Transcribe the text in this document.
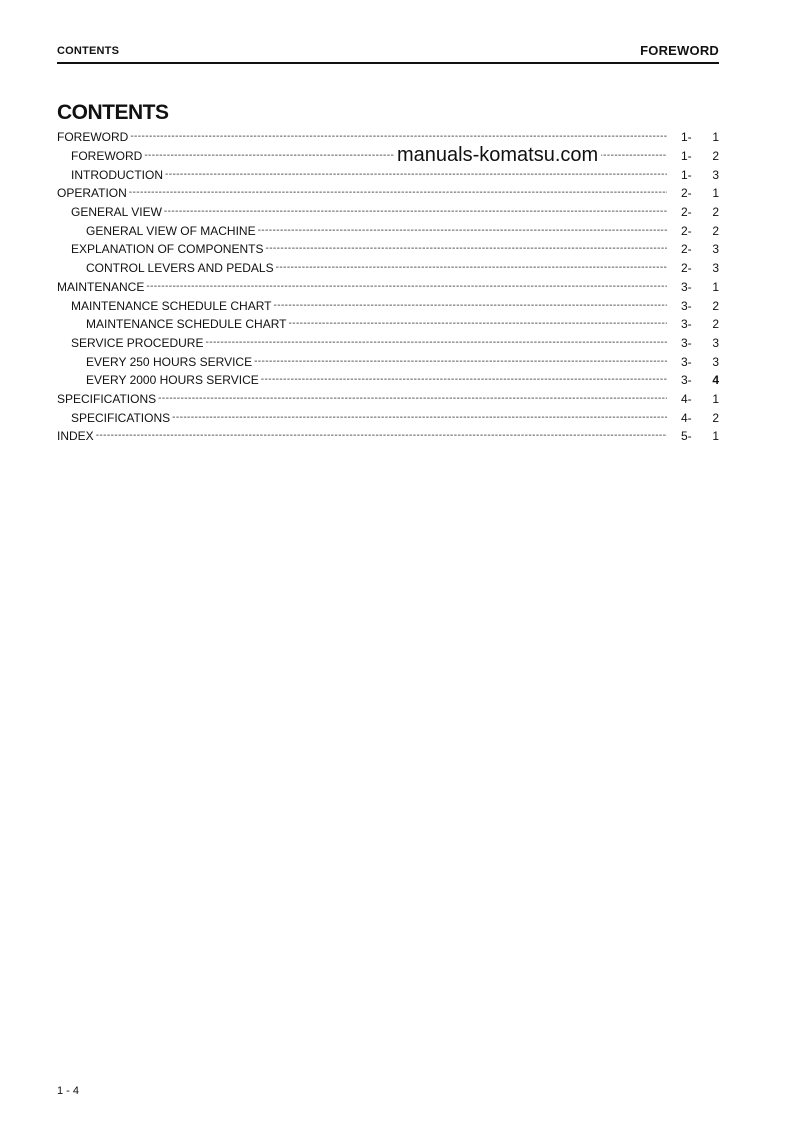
CONTENTS	FOREWORD
CONTENTS
FOREWORD -----	1-	1
FOREWORD -----	1-	2
INTRODUCTION -----	1-	3
OPERATION -----	2-	1
GENERAL VIEW -----	2-	2
GENERAL VIEW OF MACHINE -----	2-	2
EXPLANATION OF COMPONENTS -----	2-	3
CONTROL LEVERS AND PEDALS -----	2-	3
MAINTENANCE -----	3-	1
MAINTENANCE SCHEDULE CHART -----	3-	2
MAINTENANCE SCHEDULE CHART -----	3-	2
SERVICE PROCEDURE -----	3-	3
EVERY 250 HOURS SERVICE -----	3-	3
EVERY 2000 HOURS SERVICE -----	3-	4
SPECIFICATIONS -----	4-	1
SPECIFICATIONS -----	4-	2
INDEX -----	5-	1
manuals-komatsu.com
1 - 4
